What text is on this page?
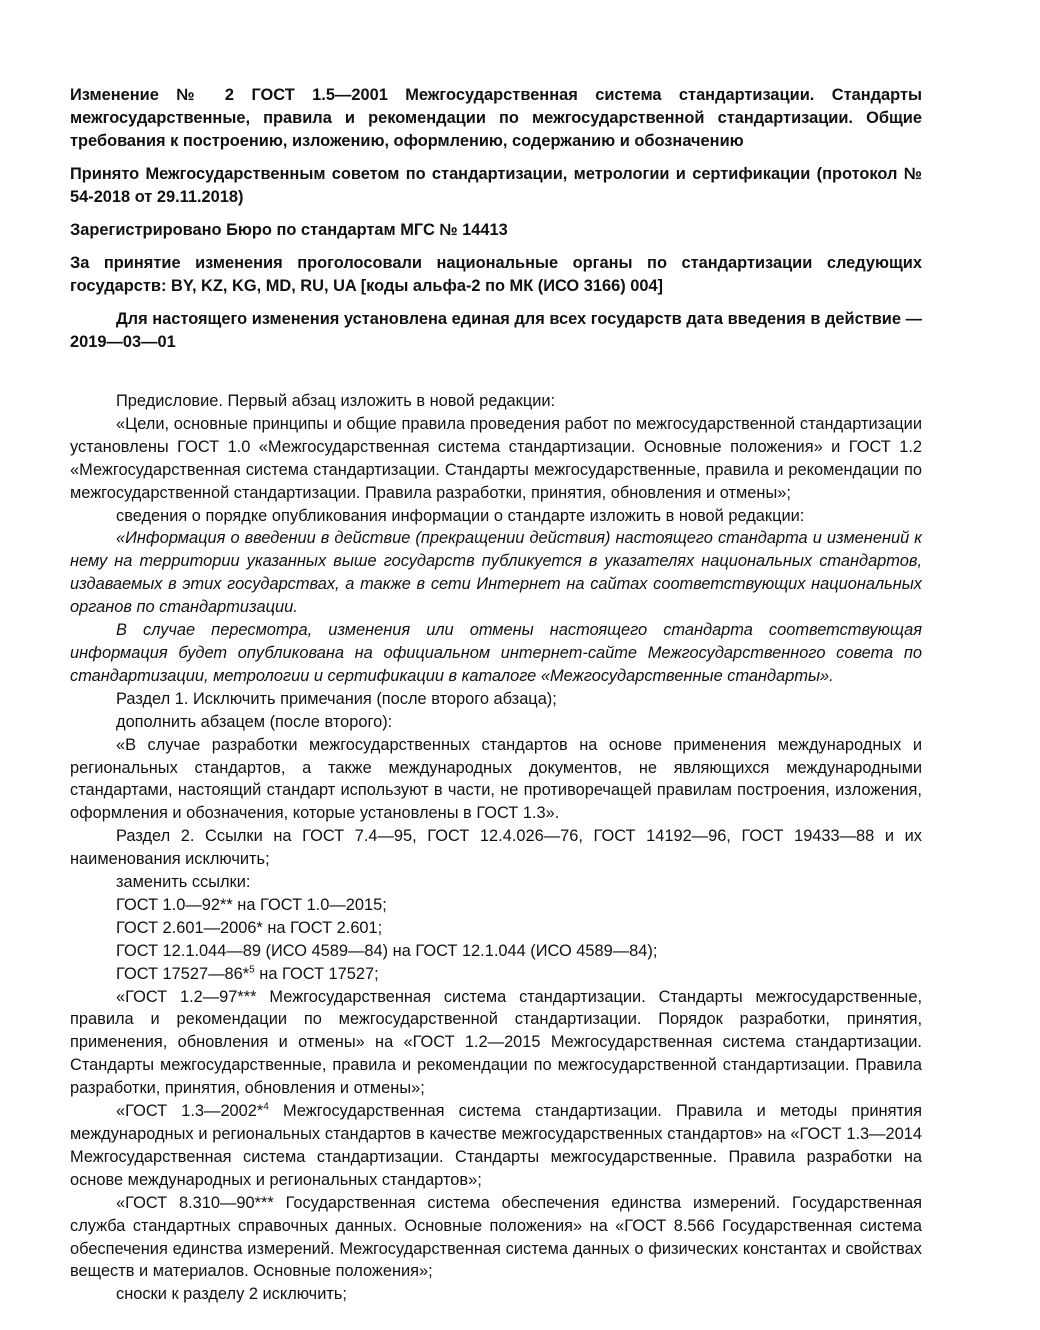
Изменение № 2 ГОСТ 1.5—2001 Межгосударственная система стандартизации. Стандарты межгосударственные, правила и рекомендации по межгосударственной стандартизации. Общие требования к построению, изложению, оформлению, содержанию и обозначению

Принято Межгосударственным советом по стандартизации, метрологии и сертификации (протокол № 54-2018 от 29.11.2018)

Зарегистрировано Бюро по стандартам МГС № 14413

За принятие изменения проголосовали национальные органы по стандартизации следующих государств: BY, KZ, KG, MD, RU, UA [коды альфа-2 по МК (ИСО 3166) 004]

Для настоящего изменения установлена единая для всех государств дата введения в действие — 2019—03—01

Предисловие. Первый абзац изложить в новой редакции:

«Цели, основные принципы и общие правила проведения работ по межгосударственной стандартизации установлены ГОСТ 1.0 «Межгосударственная система стандартизации. Основные положения» и ГОСТ 1.2 «Межгосударственная система стандартизации. Стандарты межгосударственные, правила и рекомендации по межгосударственной стандартизации. Правила разработки, принятия, обновления и отмены»;

сведения о порядке опубликования информации о стандарте изложить в новой редакции:

«Информация о введении в действие (прекращении действия) настоящего стандарта и изменений к нему на территории указанных выше государств публикуется в указателях национальных стандартов, издаваемых в этих государствах, а также в сети Интернет на сайтах соответствующих национальных органов по стандартизации.

В случае пересмотра, изменения или отмены настоящего стандарта соответствующая информация будет опубликована на официальном интернет-сайте Межгосударственного совета по стандартизации, метрологии и сертификации в каталоге «Межгосударственные стандарты».

Раздел 1. Исключить примечания (после второго абзаца);

дополнить абзацем (после второго):

«В случае разработки межгосударственных стандартов на основе применения международных и региональных стандартов, а также международных документов, не являющихся международными стандартами, настоящий стандарт используют в части, не противоречащей правилам построения, изложения, оформления и обозначения, которые установлены в ГОСТ 1.3».

Раздел 2. Ссылки на ГОСТ 7.4—95, ГОСТ 12.4.026—76, ГОСТ 14192—96, ГОСТ 19433—88 и их наименования исключить;

заменить ссылки:

ГОСТ 1.0—92** на ГОСТ 1.0—2015;

ГОСТ 2.601—2006* на ГОСТ 2.601;

ГОСТ 12.1.044—89 (ИСО 4589—84) на ГОСТ 12.1.044 (ИСО 4589—84);

ГОСТ 17527—86*$^5$ на ГОСТ 17527;

«ГОСТ 1.2—97*** Межгосударственная система стандартизации. Стандарты межгосударственные, правила и рекомендации по межгосударственной стандартизации. Порядок разработки, принятия, применения, обновления и отмены» на «ГОСТ 1.2—2015 Межгосударственная система стандартизации. Стандарты межгосударственные, правила и рекомендации по межгосударственной стандартизации. Правила разработки, принятия, обновления и отмены»;

«ГОСТ 1.3—2002*$^4$ Межгосударственная система стандартизации. Правила и методы принятия международных и региональных стандартов в качестве межгосударственных стандартов» на «ГОСТ 1.3—2014 Межгосударственная система стандартизации. Стандарты межгосударственные. Правила разработки на основе международных и региональных стандартов»;

«ГОСТ 8.310—90*** Государственная система обеспечения единства измерений. Государственная служба стандартных справочных данных. Основные положения» на «ГОСТ 8.566 Государственная система обеспечения единства измерений. Межгосударственная система данных о физических константах и свойствах веществ и материалов. Основные положения»;

сноски к разделу 2 исключить;
